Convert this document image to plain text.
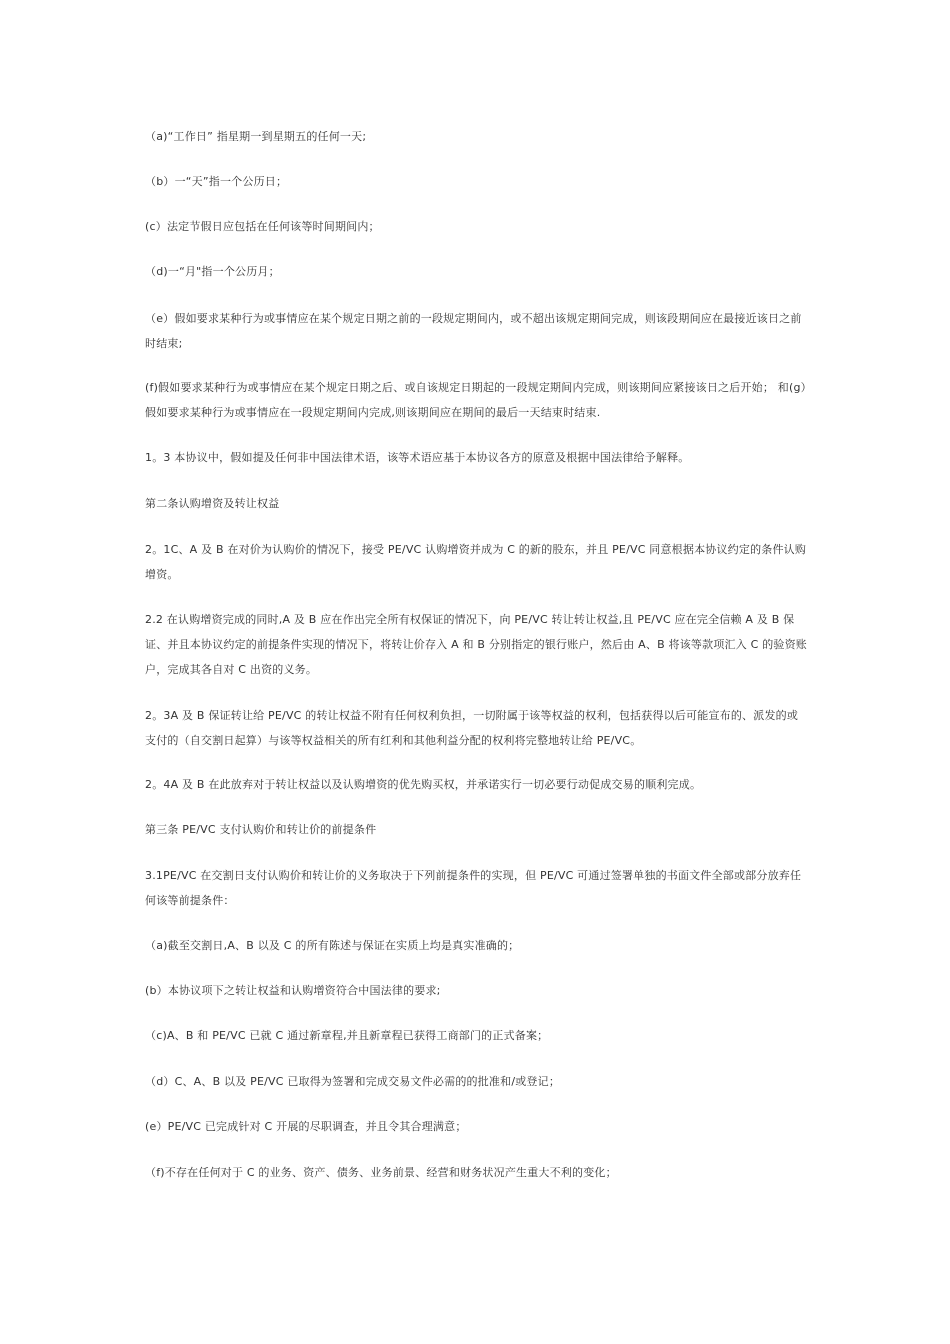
（a)“工作日” 指星期一到星期五的任何一天;

（b）一“天”指一个公历日；

(c）法定节假日应包括在任何该等时间期间内；

（d)一“月"指一个公历月；

（e）假如要求某种行为或事情应在某个规定日期之前的一段规定期间内，或不超出该规定期间完成，则该段期间应在最接近该日之前时结束;

(f)假如要求某种行为或事情应在某个规定日期之后、或自该规定日期起的一段规定期间内完成，则该期间应紧接该日之后开始； 和(g）假如要求某种行为或事情应在一段规定期间内完成,则该期间应在期间的最后一天结束时结束.

1。3 本协议中，假如提及任何非中国法律术语，该等术语应基于本协议各方的原意及根据中国法律给予解释。

第二条认购增资及转让权益

2。1C、A 及 B 在对价为认购价的情况下，接受 PE/VC 认购增资并成为 C 的新的股东，并且 PE/VC 同意根据本协议约定的条件认购增资。

2.2 在认购增资完成的同时,A 及 B 应在作出完全所有权保证的情况下，向 PE/VC 转让转让权益,且 PE/VC 应在完全信赖 A 及 B 保证、并且本协议约定的前提条件实现的情况下，将转让价存入 A 和 B 分别指定的银行账户，然后由 A、B 将该等款项汇入 C 的验资账户，完成其各自对 C 出资的义务。

2。3A 及 B 保证转让给 PE/VC 的转让权益不附有任何权利负担，一切附属于该等权益的权利，包括获得以后可能宣布的、派发的或支付的（自交割日起算）与该等权益相关的所有红利和其他利益分配的权利将完整地转让给 PE/VC。

2。4A 及 B 在此放弃对于转让权益以及认购增资的优先购买权，并承诺实行一切必要行动促成交易的顺利完成。

第三条 PE/VC 支付认购价和转让价的前提条件

3.1PE/VC 在交割日支付认购价和转让价的义务取决于下列前提条件的实现，但 PE/VC 可通过签署单独的书面文件全部或部分放弃任何该等前提条件：

（a)截至交割日,A、B 以及 C 的所有陈述与保证在实质上均是真实准确的；

(b）本协议项下之转让权益和认购增资符合中国法律的要求;

（c)A、B 和 PE/VC 已就 C 通过新章程,并且新章程已获得工商部门的正式备案；

（d）C、A、B 以及 PE/VC 已取得为签署和完成交易文件必需的的批准和/或登记；

(e）PE/VC 已完成针对 C 开展的尽职调查，并且令其合理满意；

（f)不存在任何对于 C 的业务、资产、债务、业务前景、经营和财务状况产生重大不利的变化；
